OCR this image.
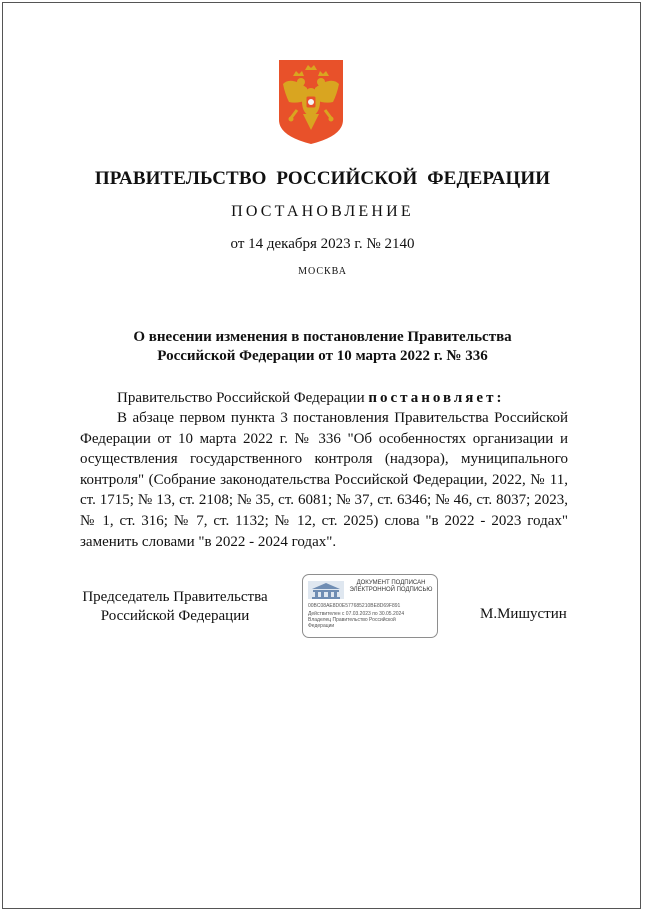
ПРАВИТЕЛЬСТВО РОССИЙСКОЙ ФЕДЕРАЦИИ
ПОСТАНОВЛЕНИЕ
от 14 декабря 2023 г. № 2140
МОСКВА
О внесении изменения в постановление Правительства
Российской Федерации от 10 марта 2022 г. № 336
Правительство Российской Федерации постановляет:
В абзаце первом пункта 3 постановления Правительства Российской Федерации от 10 марта 2022 г. № 336 "Об особенностях организации и осуществления государственного контроля (надзора), муниципального контроля" (Собрание законодательства Российской Федерации, 2022, № 11, ст. 1715; № 13, ст. 2108; № 35, ст. 6081; № 37, ст. 6346; № 46, ст. 8037; 2023, № 1, ст. 316; № 7, ст. 1132; № 12, ст. 2025) слова "в 2022 - 2023 годах" заменить словами "в 2022 - 2024 годах".
Председатель Правительства
Российской Федерации
ДОКУМЕНТ ПОДПИСАН
ЭЛЕКТРОННОЙ ПОДПИСЬЮ
00BC08AE8D0E577685210BE8D69F891
Действителен с 07.03.2023 по 30.05.2024
Владелец Правительство Российской Федерации
М.Мишустин
